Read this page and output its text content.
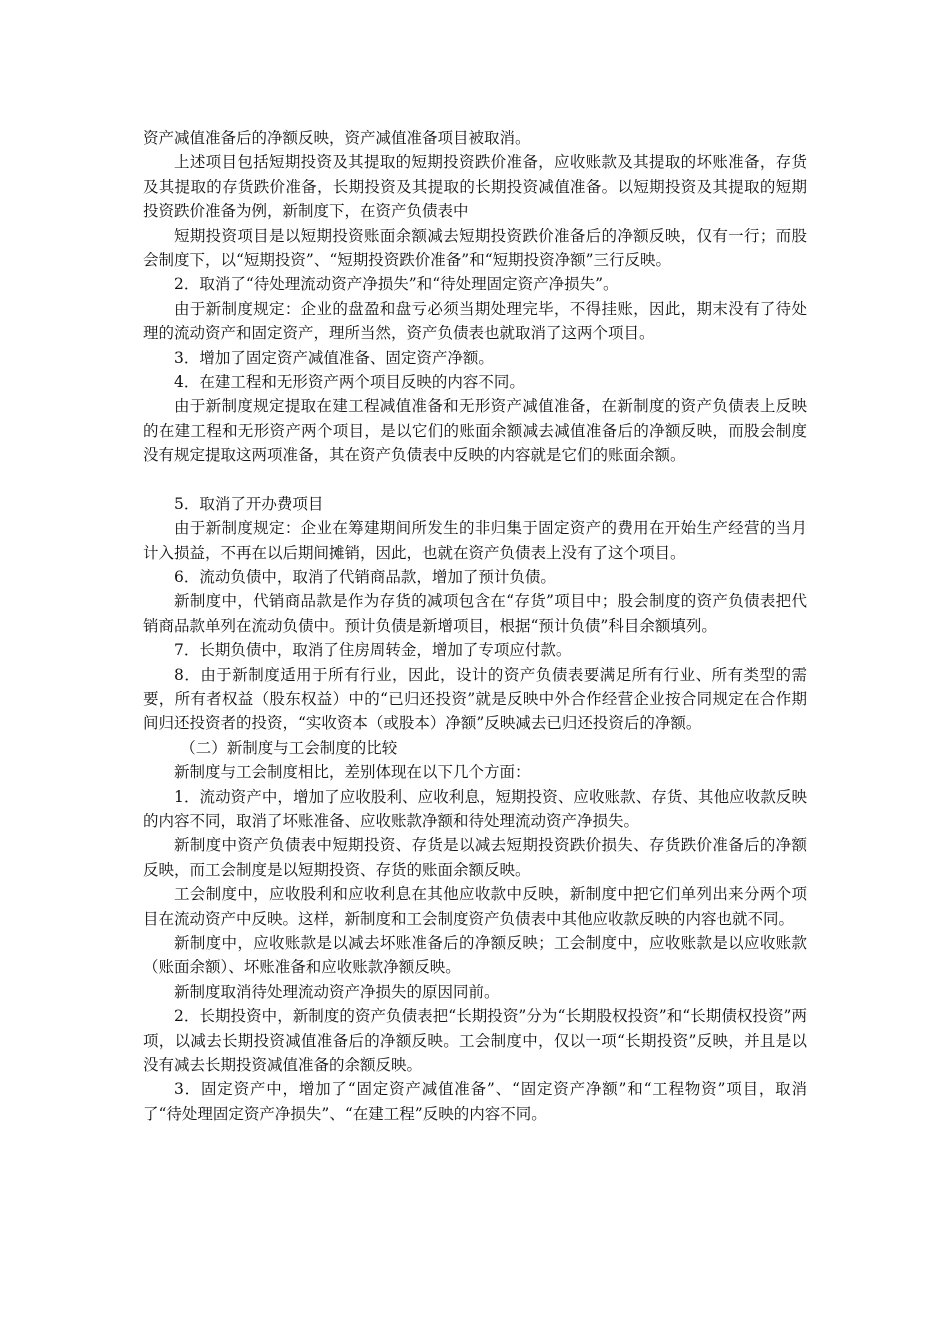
资产减值准备后的净额反映，资产减值准备项目被取消。

上述项目包括短期投资及其提取的短期投资跌价准备，应收账款及其提取的坏账准备，存货及其提取的存货跌价准备，长期投资及其提取的长期投资减值准备。以短期投资及其提取的短期投资跌价准备为例，新制度下，在资产负债表中

短期投资项目是以短期投资账面余额减去短期投资跌价准备后的净额反映，仅有一行；而股会制度下，以“短期投资”、“短期投资跌价准备”和“短期投资净额”三行反映。

2．取消了“待处理流动资产净损失”和“待处理固定资产净损失”。

由于新制度规定：企业的盘盈和盘亏必须当期处理完毕，不得挂账，因此，期末没有了待处理的流动资产和固定资产，理所当然，资产负债表也就取消了这两个项目。

3．增加了固定资产减值准备、固定资产净额。

4．在建工程和无形资产两个项目反映的内容不同。

由于新制度规定提取在建工程减值准备和无形资产减值准备，在新制度的资产负债表上反映的在建工程和无形资产两个项目，是以它们的账面余额减去减值准备后的净额反映，而股会制度没有规定提取这两项准备，其在资产负债表中反映的内容就是它们的账面余额。

5．取消了开办费项目

由于新制度规定：企业在筹建期间所发生的非归集于固定资产的费用在开始生产经营的当月计入损益，不再在以后期间摊销，因此，也就在资产负债表上没有了这个项目。

6．流动负债中，取消了代销商品款，增加了预计负债。

新制度中，代销商品款是作为存货的减项包含在“存货”项目中；股会制度的资产负债表把代销商品款单列在流动负债中。预计负债是新增项目，根据“预计负债”科目余额填列。

7．长期负债中，取消了住房周转金，增加了专项应付款。

8．由于新制度适用于所有行业，因此，设计的资产负债表要满足所有行业、所有类型的需要，所有者权益（股东权益）中的“已归还投资”就是反映中外合作经营企业按合同规定在合作期间归还投资者的投资，“实收资本（或股本）净额”反映减去已归还投资后的净额。

（二）新制度与工会制度的比较

新制度与工会制度相比，差别体现在以下几个方面：

1．流动资产中，增加了应收股利、应收利息，短期投资、应收账款、存货、其他应收款反映的内容不同，取消了坏账准备、应收账款净额和待处理流动资产净损失。

新制度中资产负债表中短期投资、存货是以减去短期投资跌价损失、存货跌价准备后的净额反映，而工会制度是以短期投资、存货的账面余额反映。

工会制度中，应收股利和应收利息在其他应收款中反映，新制度中把它们单列出来分两个项目在流动资产中反映。这样，新制度和工会制度资产负债表中其他应收款反映的内容也就不同。

新制度中，应收账款是以减去坏账准备后的净额反映；工会制度中，应收账款是以应收账款（账面余额）、坏账准备和应收账款净额反映。

新制度取消待处理流动资产净损失的原因同前。

2．长期投资中，新制度的资产负债表把“长期投资”分为“长期股权投资”和“长期债权投资”两项，以减去长期投资减值准备后的净额反映。工会制度中，仅以一项“长期投资”反映，并且是以没有减去长期投资减值准备的余额反映。

3．固定资产中，增加了“固定资产减值准备”、“固定资产净额”和“工程物资”项目，取消了“待处理固定资产净损失”、“在建工程”反映的内容不同。
